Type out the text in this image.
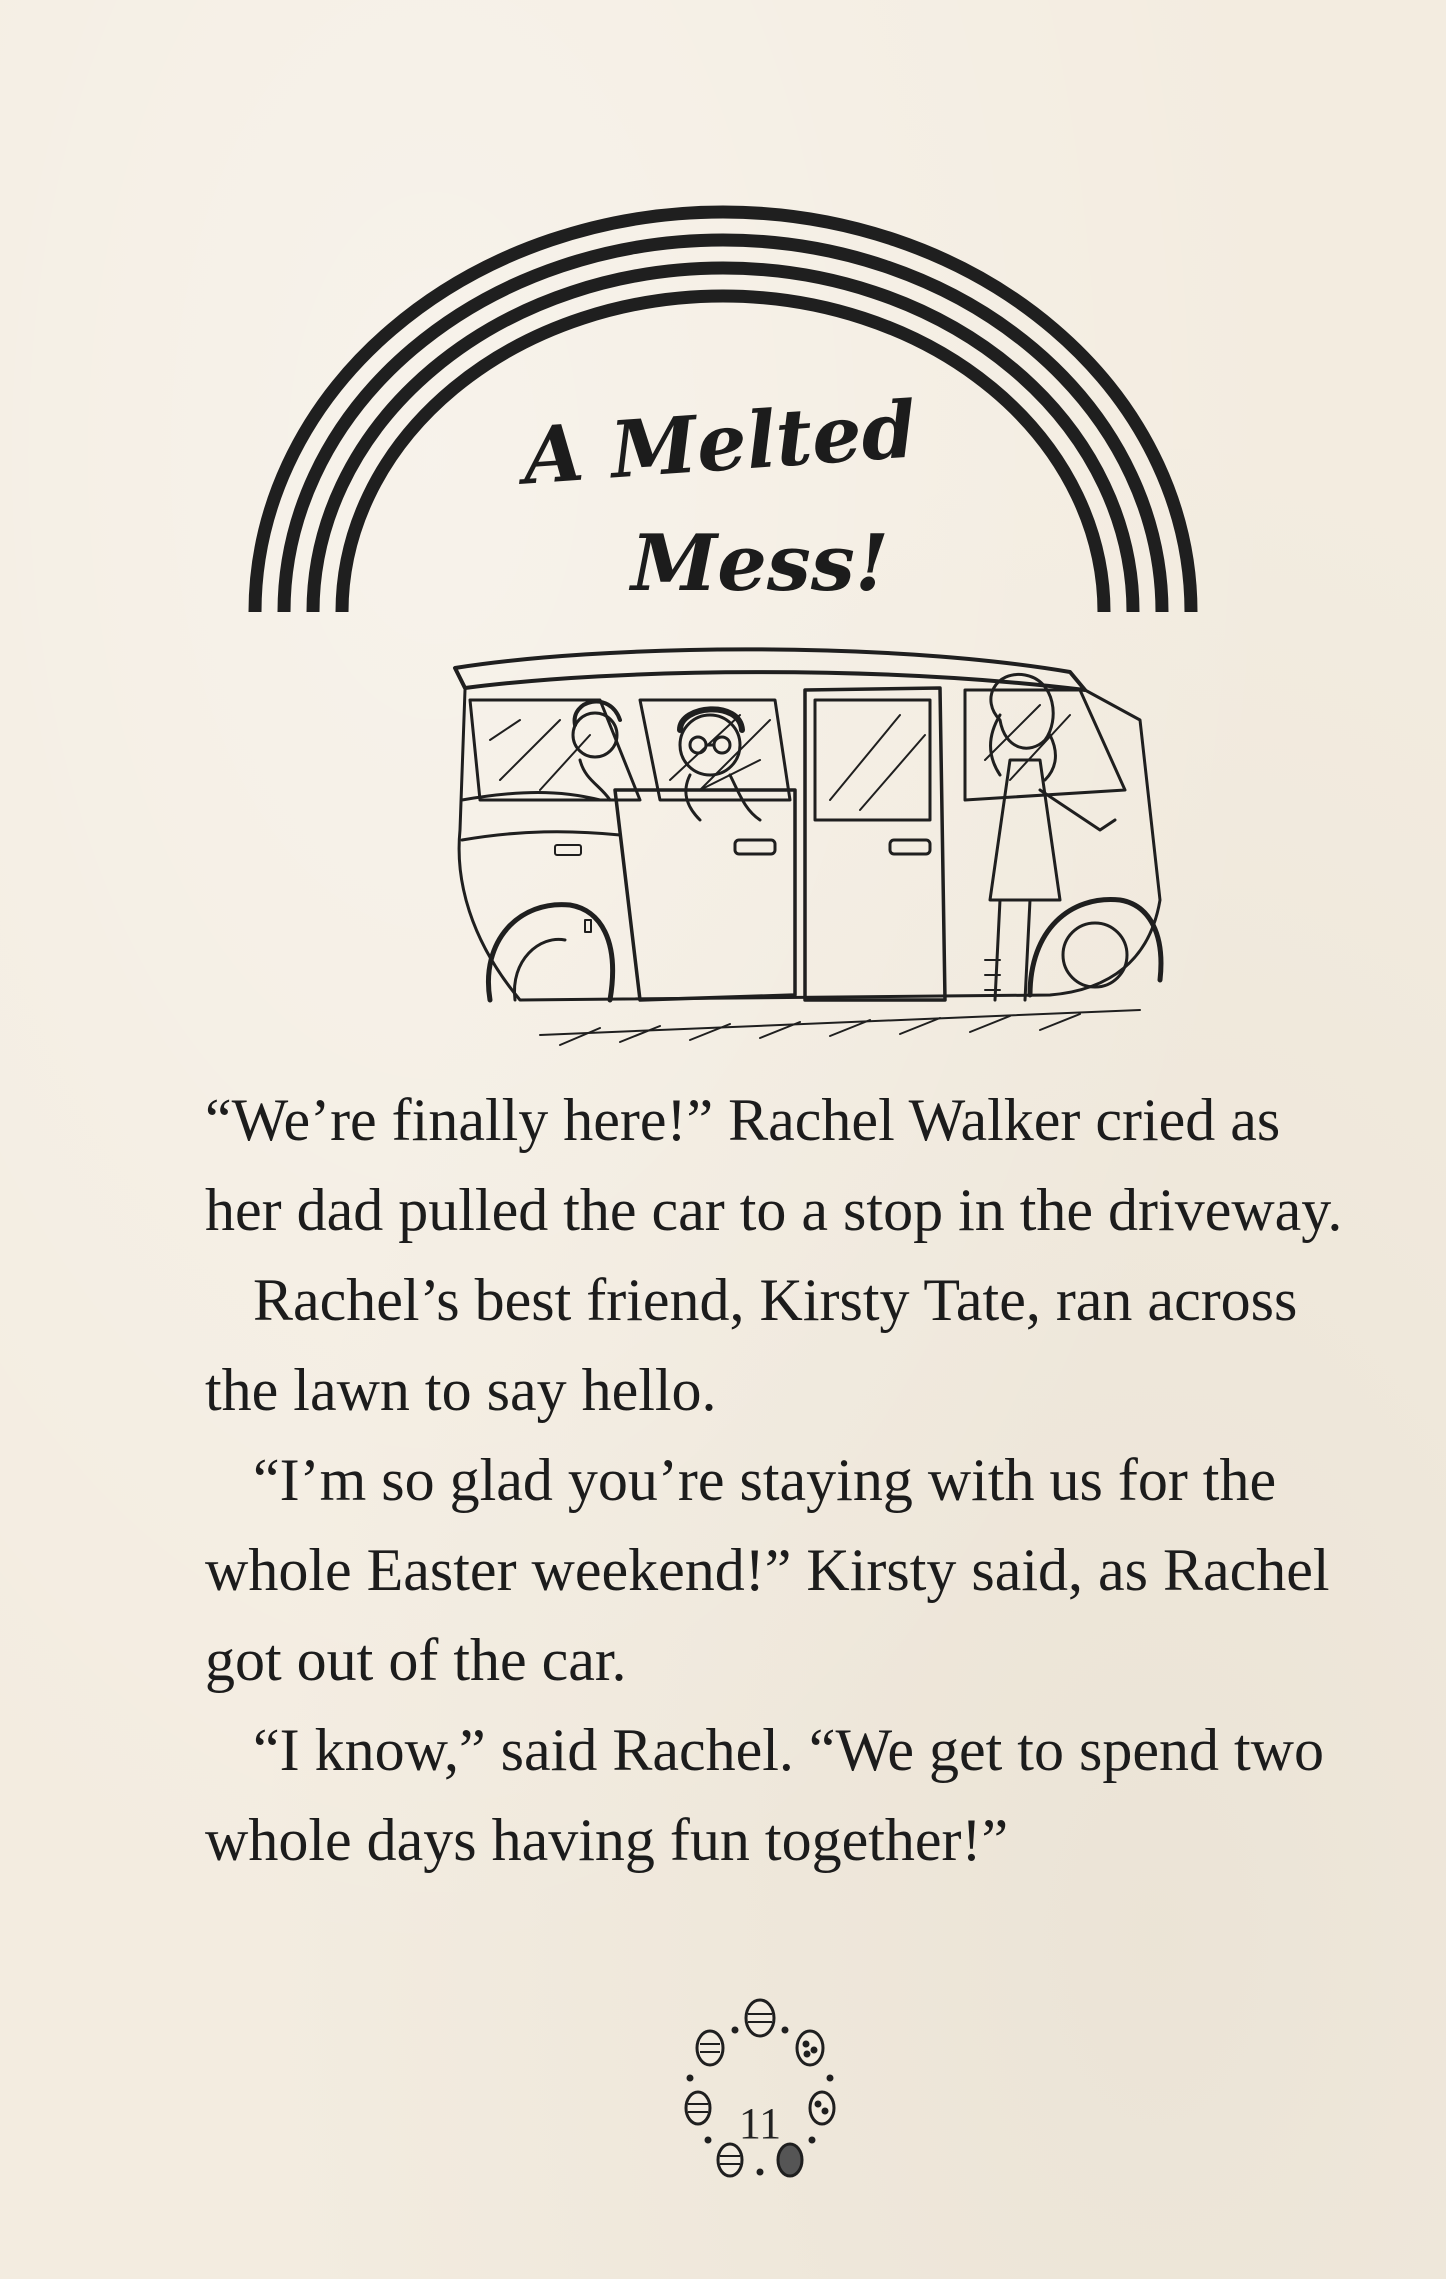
A Melted
Mess!

“We’re finally here!” Rachel Walker cried as her dad pulled the car to a stop in the driveway.

Rachel’s best friend, Kirsty Tate, ran across the lawn to say hello.

“I’m so glad you’re staying with us for the whole Easter weekend!” Kirsty said, as Rachel got out of the car.

“I know,” said Rachel. “We get to spend two whole days having fun together!”

11
